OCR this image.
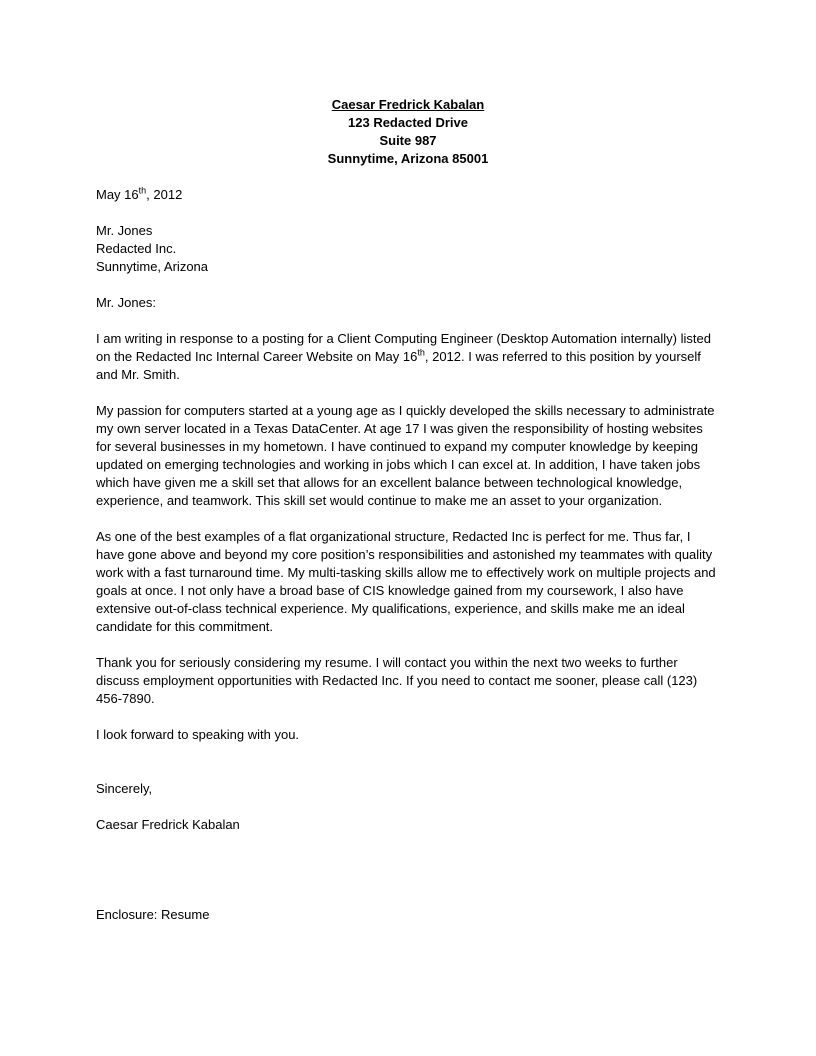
Caesar Fredrick Kabalan
123 Redacted Drive
Suite 987
Sunnytime, Arizona 85001

May 16th, 2012

Mr. Jones

Redacted Inc.

Sunnytime, Arizona

Mr. Jones:

I am writing in response to a posting for a Client Computing Engineer (Desktop Automation internally) listed on the Redacted Inc Internal Career Website on May 16th, 2012. I was referred to this position by yourself and Mr. Smith.

My passion for computers started at a young age as I quickly developed the skills necessary to administrate my own server located in a Texas DataCenter. At age 17 I was given the responsibility of hosting websites for several businesses in my hometown. I have continued to expand my computer knowledge by keeping updated on emerging technologies and working in jobs which I can excel at. In addition, I have taken jobs which have given me a skill set that allows for an excellent balance between technological knowledge, experience, and teamwork. This skill set would continue to make me an asset to your organization.

As one of the best examples of a flat organizational structure, Redacted Inc is perfect for me. Thus far, I have gone above and beyond my core position’s responsibilities and astonished my teammates with quality work with a fast turnaround time. My multi-tasking skills allow me to effectively work on multiple projects and goals at once. I not only have a broad base of CIS knowledge gained from my coursework, I also have extensive out-of-class technical experience. My qualifications, experience, and skills make me an ideal candidate for this commitment.

Thank you for seriously considering my resume. I will contact you within the next two weeks to further discuss employment opportunities with Redacted Inc. If you need to contact me sooner, please call (123) 456-7890.

I look forward to speaking with you.

Sincerely,

Caesar Fredrick Kabalan

Enclosure: Resume
